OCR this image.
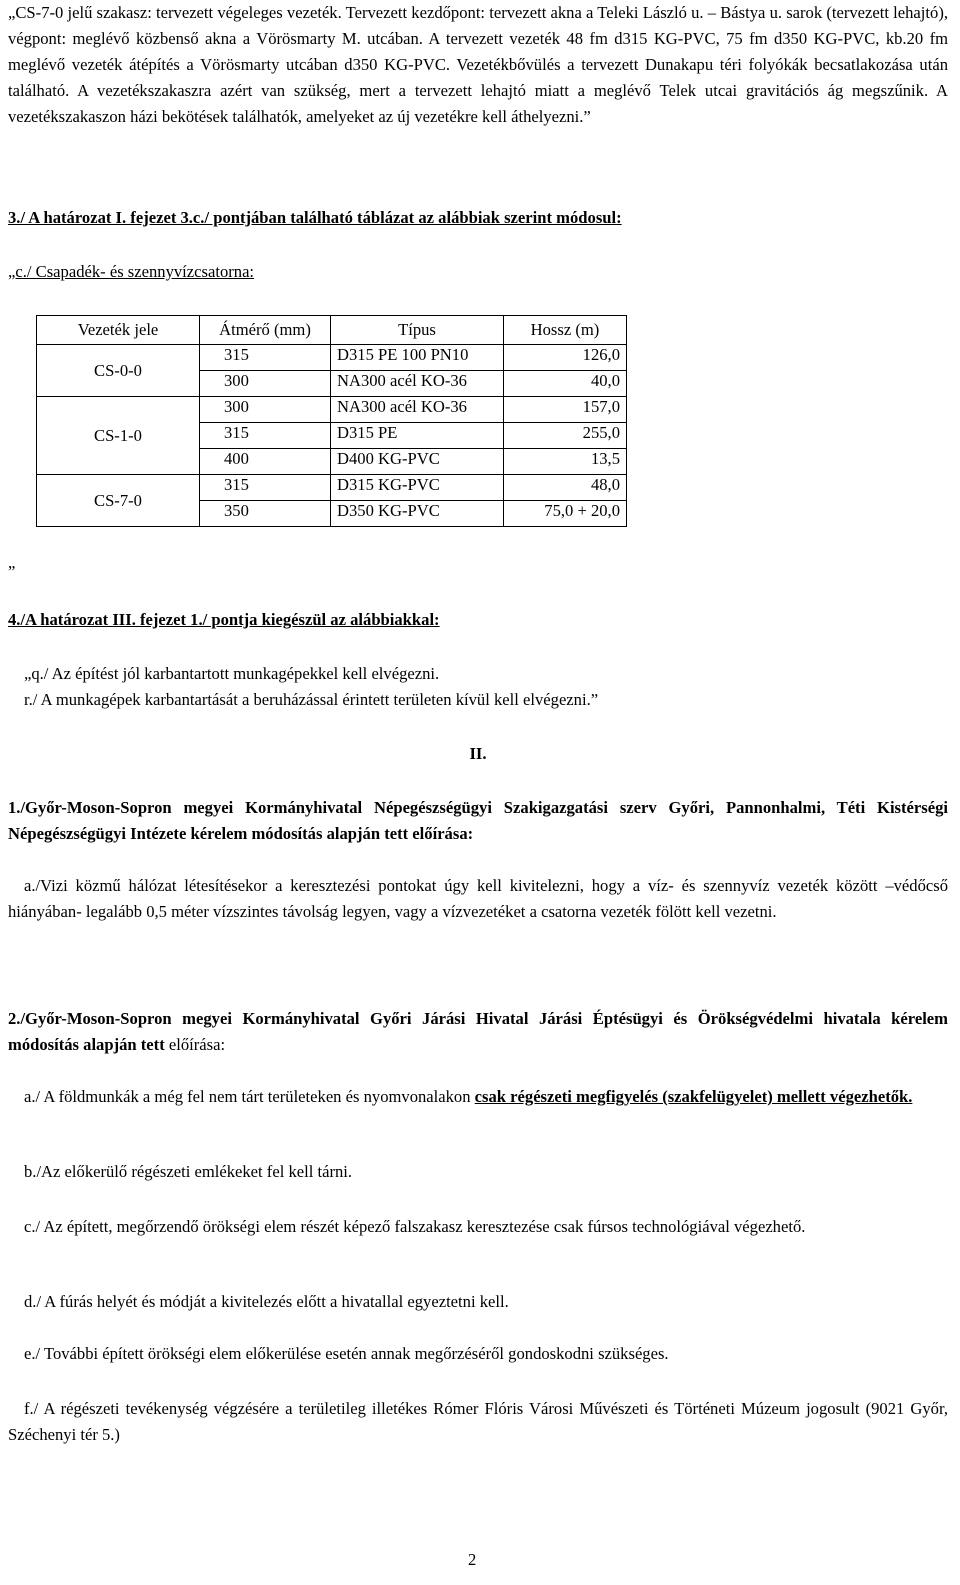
„CS-7-0 jelű szakasz: tervezett végeleges vezeték. Tervezett kezdőpont: tervezett akna a Teleki László u. – Bástya u. sarok (tervezett lehajtó), végpont: meglévő közbenső akna a Vörösmarty M. utcában. A tervezett vezeték 48 fm d315 KG-PVC, 75 fm d350 KG-PVC, kb.20 fm meglévő vezeték átépítés a Vörösmarty utcában d350 KG-PVC. Vezetékbővülés a tervezett Dunakapu téri folyókák becsatlakozása után található. A vezetékszakaszra azért van szükség, mert a tervezett lehajtó miatt a meglévő Telek utcai gravitációs ág megszűnik. A vezetékszakaszon házi bekötések találhatók, amelyeket az új vezetékre kell áthelyezni.”

3./ A határozat I. fejezet 3.c./ pontjában található táblázat az alábbiak szerint módosul:

„c./ Csapadék- és szennyvízcsatorna:

Vezeték jele	Átmérő (mm)	Típus	Hossz (m)
CS-0-0	315	D315 PE 100 PN10	126,0
	300	NA300 acél KO-36	40,0
CS-1-0	300	NA300 acél KO-36	157,0
	315	D315 PE	255,0
	400	D400 KG-PVC	13,5
CS-7-0	315	D315 KG-PVC	48,0
	350	D350 KG-PVC	75,0 + 20,0

”

4./A határozat III. fejezet 1./ pontja kiegészül az alábbiakkal:

„q./ Az építést jól karbantartott munkagépekkel kell elvégezni.

r./ A munkagépek karbantartását a beruházással érintett területen kívül kell elvégezni.”

II.

1./Győr-Moson-Sopron megyei Kormányhivatal Népegészségügyi Szakigazgatási szerv Győri, Pannonhalmi, Téti Kistérségi Népegészségügyi Intézete kérelem módosítás alapján tett előírása:

a./Vizi közmű hálózat létesítésekor a keresztezési pontokat úgy kell kivitelezni, hogy a víz- és szennyvíz vezeték között –védőcső hiányában- legalább 0,5 méter vízszintes távolság legyen, vagy a vízvezetéket a csatorna vezeték fölött kell vezetni.

2./Győr-Moson-Sopron megyei Kormányhivatal Győri Járási Hivatal Járási Éptésügyi és Örökségvédelmi hivatala kérelem módosítás alapján tett előírása:

a./ A földmunkák a még fel nem tárt területeken és nyomvonalakon csak régészeti megfigyelés (szakfelügyelet) mellett végezhetők.

b./Az előkerülő régészeti emlékeket fel kell tárni.

c./ Az épített, megőrzendő örökségi elem részét képező falszakasz keresztezése csak fúrsos technológiával végezhető.

d./ A fúrás helyét és módját a kivitelezés előtt a hivatallal egyeztetni kell.

e./ További épített örökségi elem előkerülése esetén annak megőrzéséről gondoskodni szükséges.

f./ A régészeti tevékenység végzésére a területileg illetékes Rómer Flóris Városi Művészeti és Történeti Múzeum jogosult (9021 Győr, Széchenyi tér 5.)

2
